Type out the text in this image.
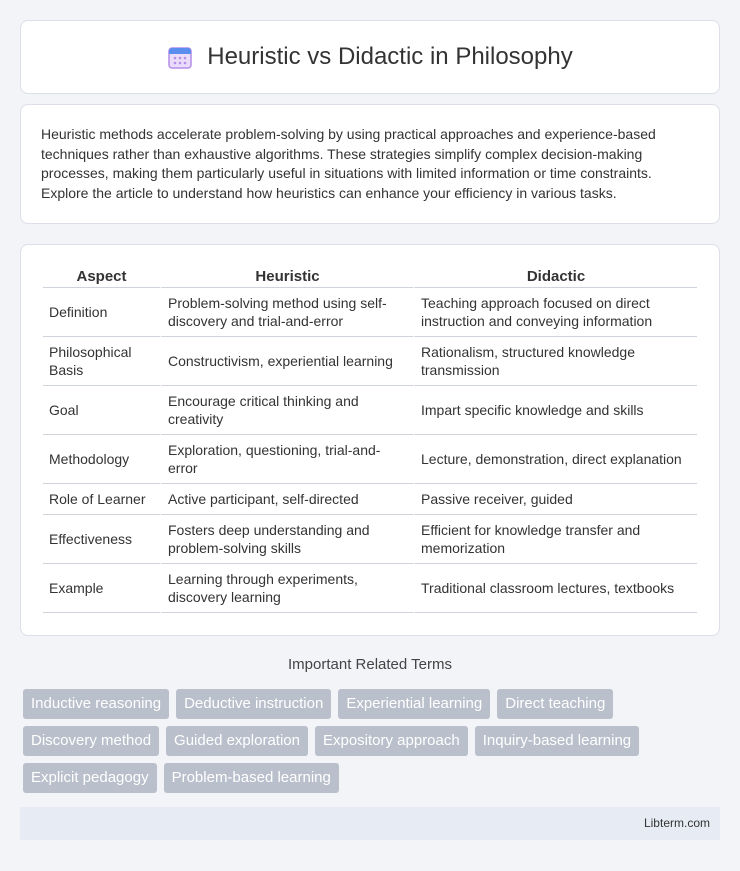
Heuristic vs Didactic in Philosophy

Heuristic methods accelerate problem-solving by using practical approaches and experience-based techniques rather than exhaustive algorithms. These strategies simplify complex decision-making processes, making them particularly useful in situations with limited information or time constraints. Explore the article to understand how heuristics can enhance your efficiency in various tasks.

Aspect	Heuristic	Didactic
Definition	Problem-solving method using self-discovery and trial-and-error	Teaching approach focused on direct instruction and conveying information
Philosophical Basis	Constructivism, experiential learning	Rationalism, structured knowledge transmission
Goal	Encourage critical thinking and creativity	Impart specific knowledge and skills
Methodology	Exploration, questioning, trial-and-error	Lecture, demonstration, direct explanation
Role of Learner	Active participant, self-directed	Passive receiver, guided
Effectiveness	Fosters deep understanding and problem-solving skills	Efficient for knowledge transfer and memorization
Example	Learning through experiments, discovery learning	Traditional classroom lectures, textbooks
Important Related Terms
Inductive reasoning	Deductive instruction	Experiential learning	Direct teaching
Discovery method	Guided exploration	Expository approach	Inquiry-based learning
Explicit pedagogy	Problem-based learning
Libterm.com
